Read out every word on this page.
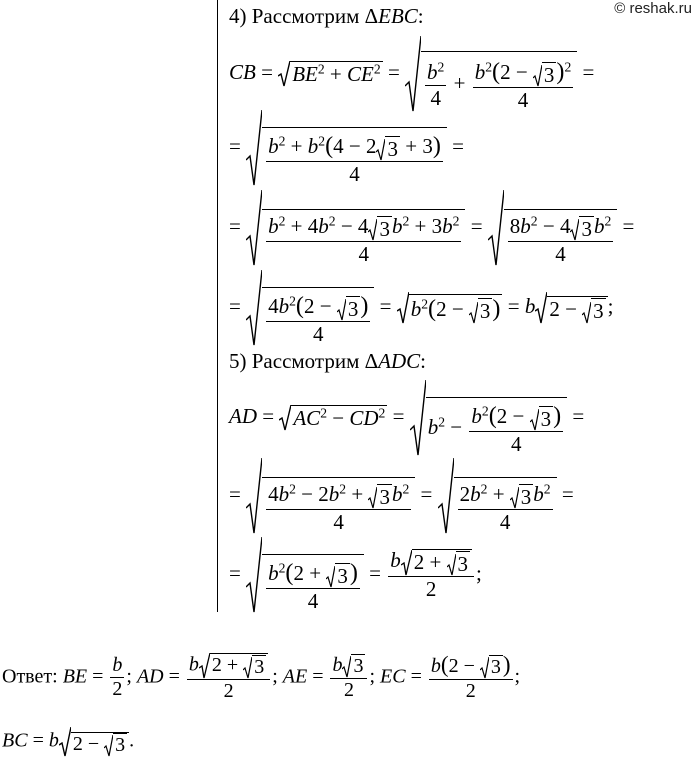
© reshak.ru
4) Рассмотрим ΔEBC:
CB =
$BE^2 + CE^2 = \frac{b^2}{4} + b^2(2$ −
3)$^2$
4 =
= $\frac{b^2 + b^2(4 - 2 3 + 3)}{4}$ =
= $\frac{b^2 + 4b^2 - 4 3b^2 + 3b^2}{4} = \frac{8b^2 - 4 3b^2}{4}$ =
= $4b^2(2$ −
3)
4 =
$b^2(2$ −
3) = b 2 −
3 ;
5) Рассмотрим ΔADC:
AD =
$AC^2 - CD^2$ =
$b^2 - b^2(2$ −
3)
4 =
= $4b^2 - 2b^2$ +
$3b^2$
$4 = 2b^2$ +
$3b^2$
4 =
= $b^2(2$ +
3)
4 = b 2 +
3
2 ;
Ответ: BE = $\frac{b}{2}$ ; AD = b 2 +
3
2 ; AE = $\frac{b 3}{2}$ ; EC = b(2 −
3)
2 ;
BC = b 2 −
3 .
